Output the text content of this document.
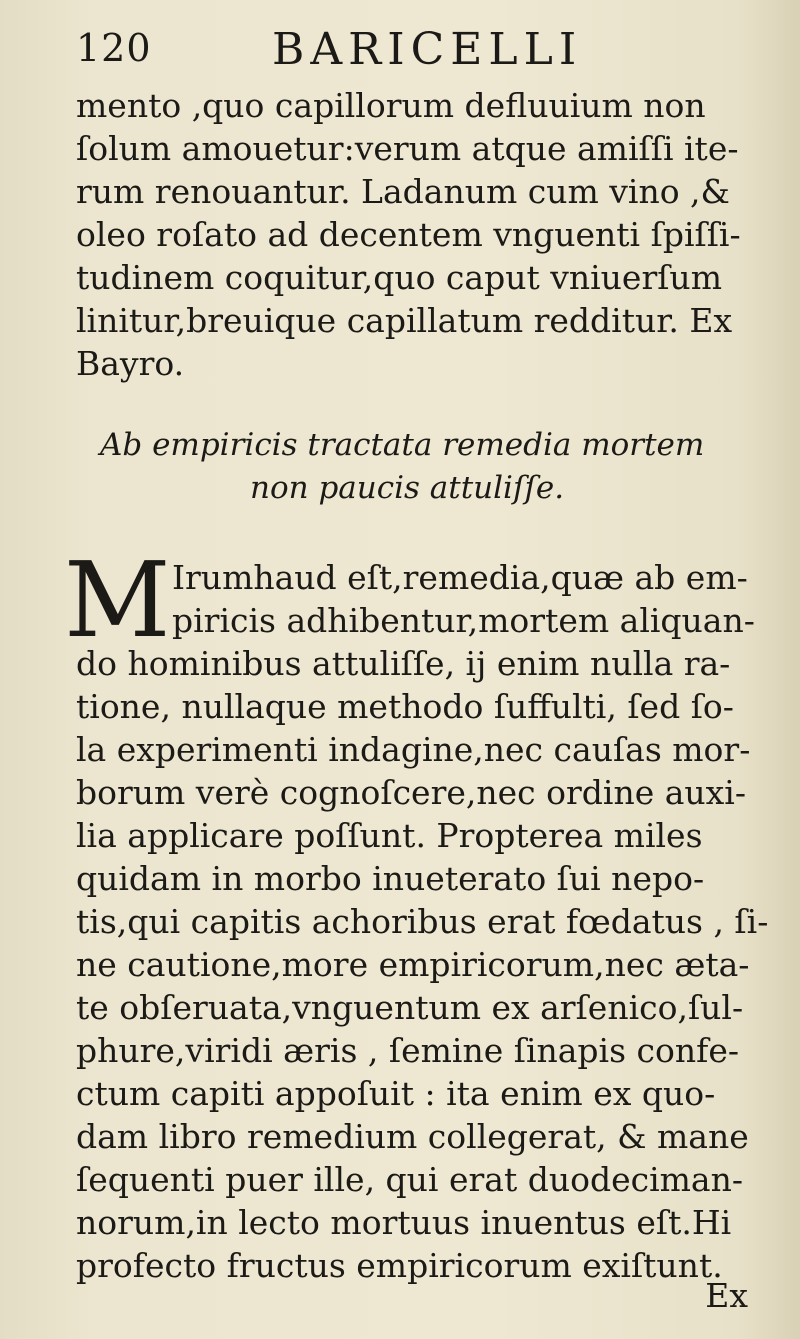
120	BARICELLI
mento ,quo capillorum defluuium non
ſolum amouetur:verum atque amiſſi ite-
rum renouantur. Ladanum cum vino ,&
oleo roſato ad decentem vnguenti ſpiſſi-
tudinem coquitur,quo caput vniuerſum
linitur,breuique capillatum redditur. Ex
Bayro.
Ab empiricis tractata remedia mortem
non paucis attuliſſe.
M Irumhaud eſt,remedia,quæ ab em-
piricis adhibentur,mortem aliquan-
do hominibus attuliſſe, ij enim nulla ra-
tione, nullaque methodo ſuffulti, ſed ſo-
la experimenti indagine,nec cauſas mor-
borum verè cognoſcere,nec ordine auxi-
lia applicare poſſunt. Propterea miles
quidam in morbo inueterato ſui nepo-
tis,qui capitis achoribus erat fœdatus , ſi-
ne cautione,more empiricorum,nec æta-
te obſeruata,vnguentum ex arſenico,ſul-
phure,viridi æris , ſemine ſinapis confe-
ctum capiti appoſuit : ita enim ex quo-
dam libro remedium collegerat, & mane
ſequenti puer ille, qui erat duodeciman-
norum,in lecto mortuus inuentus eſt.Hi
profecto fructus empiricorum exiſtunt.
Ex
